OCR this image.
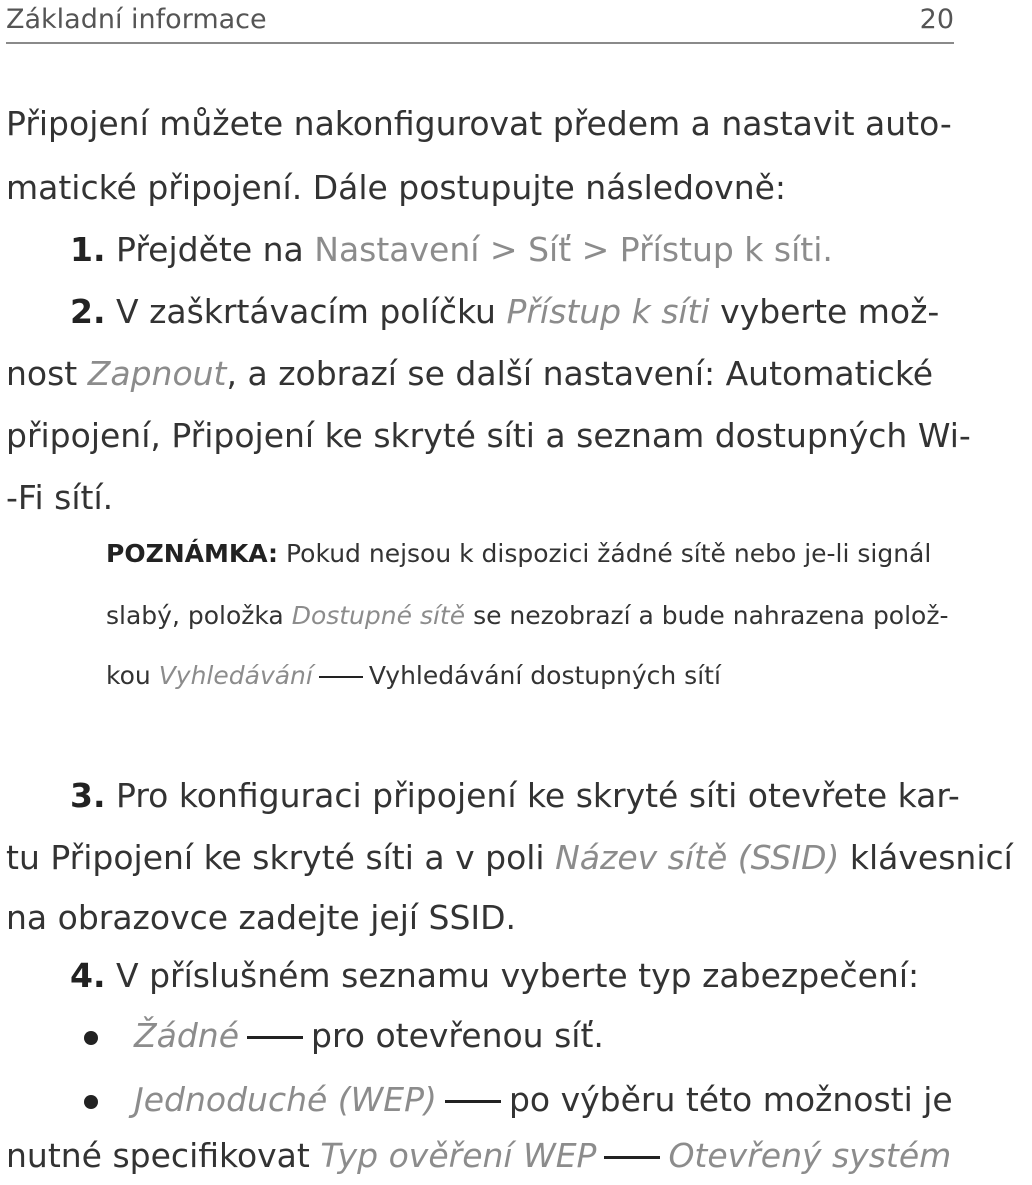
Základní informace	20
Připojení můžete nakonfigurovat předem a nastavit auto-
matické připojení. Dále postupujte následovně:
1. Přejděte na Nastavení > Síť > Přístup k síti.
2. V zaškrtávacím políčku Přístup k síti vyberte mož-
nost Zapnout, a zobrazí se další nastavení: Automatické
připojení, Připojení ke skryté síti a seznam dostupných Wi-
-Fi sítí.
POZNÁMKA: Pokud nejsou k dispozici žádné sítě nebo je-li signál
slabý, položka Dostupné sítě se nezobrazí a bude nahrazena polož-
kou Vyhledávání Vyhledávání dostupných sítí
3. Pro konfiguraci připojení ke skryté síti otevřete kar-
tu Připojení ke skryté síti a v poli Název sítě (SSID) klávesnicí
na obrazovce zadejte její SSID.
4. V příslušném seznamu vyberte typ zabezpečení:
Žádné pro otevřenou síť.
Jednoduché (WEP) po výběru této možnosti je
nutné specifikovat Typ ověření WEP Otevřený systém
